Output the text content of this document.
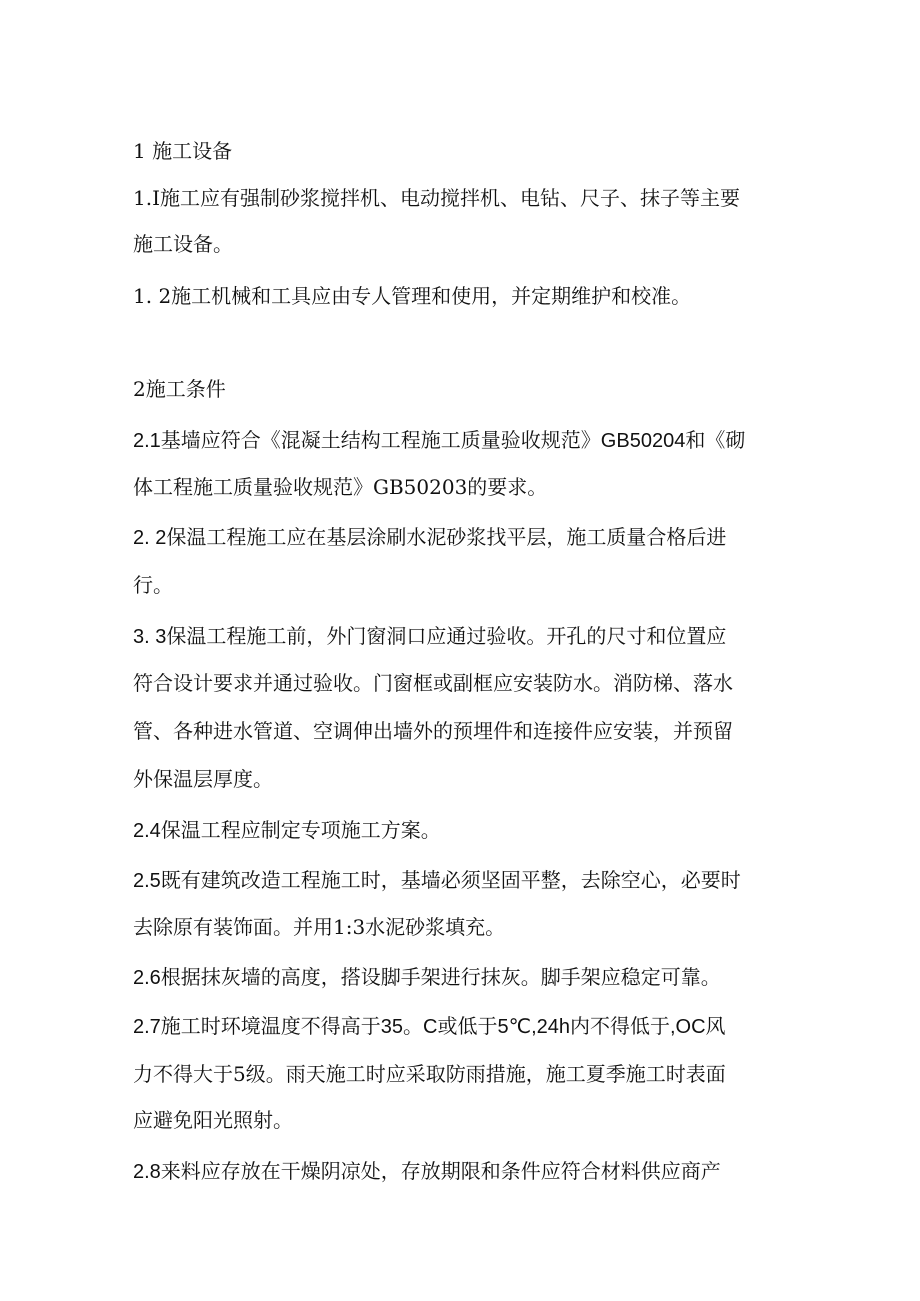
1 施工设备
1.I施工应有强制砂浆搅拌机、电动搅拌机、电钻、尺子、抹子等主要
施工设备。
1. 2施工机械和工具应由专人管理和使用，并定期维护和校准。
2施工条件
2.1基墙应符合《混凝土结构工程施工质量验收规范》GB50204和《砌
体工程施工质量验收规范》GB50203的要求。
2. 2保温工程施工应在基层涂刷水泥砂浆找平层，施工质量合格后进
行。
3. 3保温工程施工前，外门窗洞口应通过验收。开孔的尺寸和位置应
符合设计要求并通过验收。门窗框或副框应安装防水。消防梯、落水
管、各种进水管道、空调伸出墙外的预埋件和连接件应安装，并预留
外保温层厚度。
2.4保温工程应制定专项施工方案。
2.5既有建筑改造工程施工时，基墙必须坚固平整，去除空心，必要时
去除原有装饰面。并用1:3水泥砂浆填充。
2.6根据抹灰墙的高度，搭设脚手架进行抹灰。脚手架应稳定可靠。
2.7施工时环境温度不得高于35。C或低于5℃,24h内不得低于,OC风
力不得大于5级。雨天施工时应采取防雨措施，施工夏季施工时表面
应避免阳光照射。
2.8来料应存放在干燥阴凉处，存放期限和条件应符合材料供应商产
